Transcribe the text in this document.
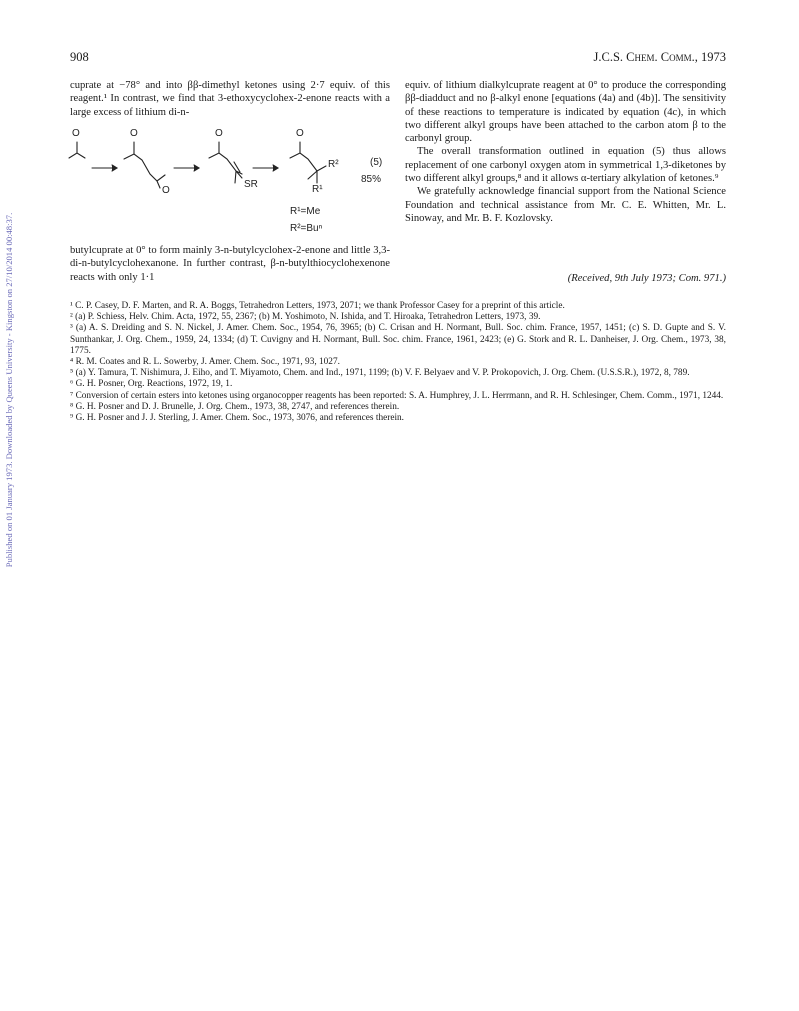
Published on 01 January 1973. Downloaded by Queens University - Kingston on 27/10/2014 00:48:37.
908	J.C.S. Chem. Comm., 1973

cuprate at −78° and into ββ-dimethyl ketones using 2·7 equiv. of this reagent.¹ In contrast, we find that 3-ethoxycyclohex-2-enone reacts with a large excess of lithium di-n-

O	O
O
O
SR
O
R²
R¹
(5)
85%
R¹=Me
R²=Buⁿ

butylcuprate at 0° to form mainly 3-n-butylcyclohex-2-enone and little 3,3-di-n-butylcyclohexanone. In further contrast, β-n-butylthiocyclohexenone reacts with only 1·1

equiv. of lithium dialkylcuprate reagent at 0° to produce the corresponding ββ-diadduct and no β-alkyl enone [equations (4a) and (4b)]. The sensitivity of these reactions to temperature is indicated by equation (4c), in which two different alkyl groups have been attached to the carbon atom β to the carbonyl group.

The overall transformation outlined in equation (5) thus allows replacement of one carbonyl oxygen atom in symmetrical 1,3-diketones by two different alkyl groups,⁸ and it allows α-tertiary alkylation of ketones.⁹

We gratefully acknowledge financial support from the National Science Foundation and technical assistance from Mr. C. E. Whitten, Mr. L. Sinoway, and Mr. B. F. Kozlovsky.

(Received, 9th July 1973; Com. 971.)

¹ C. P. Casey, D. F. Marten, and R. A. Boggs, Tetrahedron Letters, 1973, 2071; we thank Professor Casey for a preprint of this article.

² (a) P. Schiess, Helv. Chim. Acta, 1972, 55, 2367; (b) M. Yoshimoto, N. Ishida, and T. Hiroaka, Tetrahedron Letters, 1973, 39.

³ (a) A. S. Dreiding and S. N. Nickel, J. Amer. Chem. Soc., 1954, 76, 3965; (b) C. Crisan and H. Normant, Bull. Soc. chim. France, 1957, 1451; (c) S. D. Gupte and S. V. Sunthankar, J. Org. Chem., 1959, 24, 1334; (d) T. Cuvigny and H. Normant, Bull. Soc. chim. France, 1961, 2423; (e) G. Stork and R. L. Danheiser, J. Org. Chem., 1973, 38, 1775.

⁴ R. M. Coates and R. L. Sowerby, J. Amer. Chem. Soc., 1971, 93, 1027.

⁵ (a) Y. Tamura, T. Nishimura, J. Eiho, and T. Miyamoto, Chem. and Ind., 1971, 1199; (b) V. F. Belyaev and V. P. Prokopovich, J. Org. Chem. (U.S.S.R.), 1972, 8, 789.

⁶ G. H. Posner, Org. Reactions, 1972, 19, 1.

⁷ Conversion of certain esters into ketones using organocopper reagents has been reported: S. A. Humphrey, J. L. Herrmann, and R. H. Schlesinger, Chem. Comm., 1971, 1244.

⁸ G. H. Posner and D. J. Brunelle, J. Org. Chem., 1973, 38, 2747, and references therein.

⁹ G. H. Posner and J. J. Sterling, J. Amer. Chem. Soc., 1973, 3076, and references therein.
